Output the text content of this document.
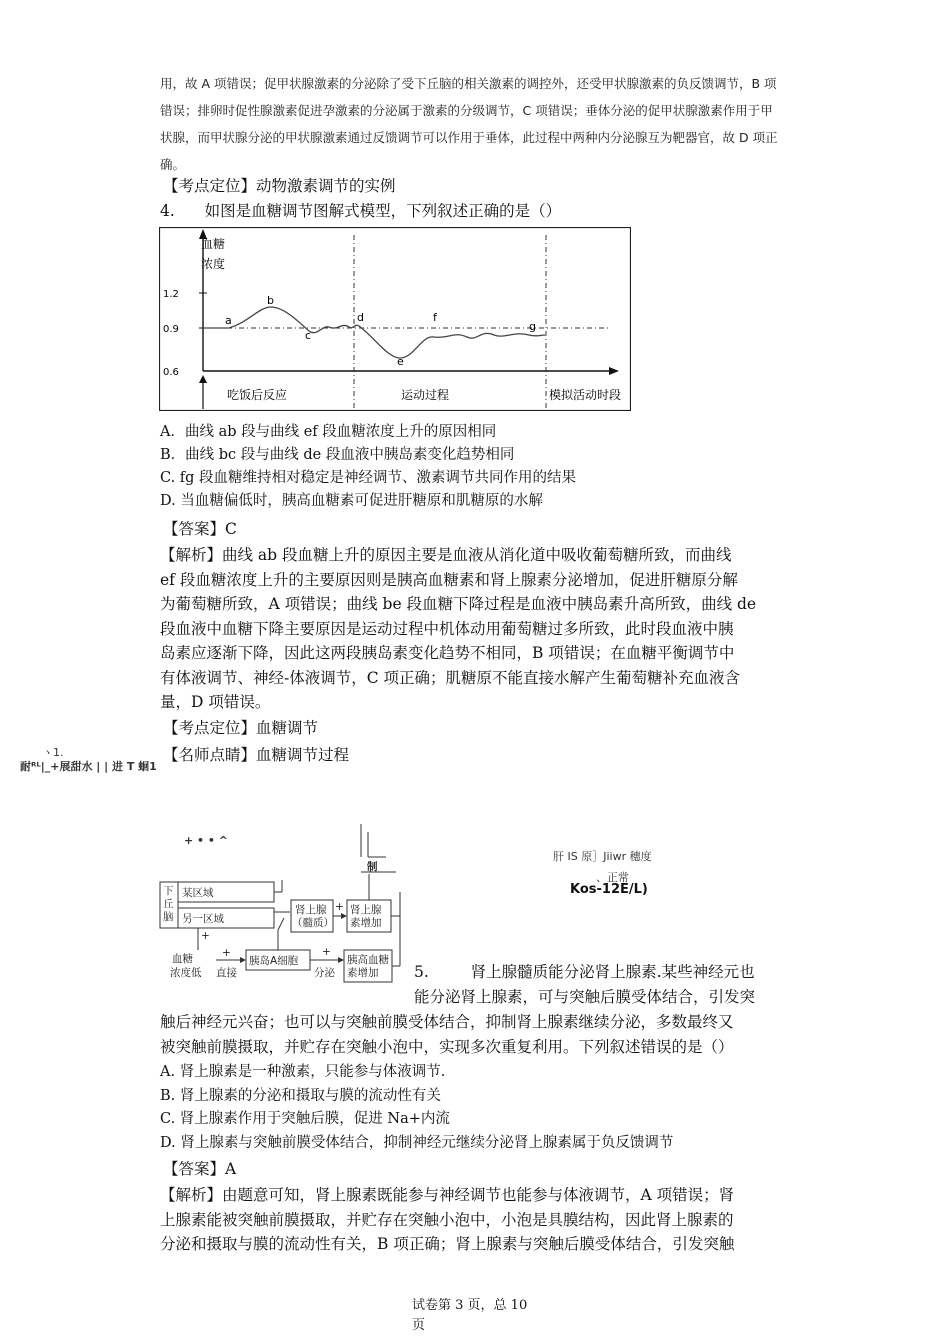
用，故 A 项错误；促甲状腺激素的分泌除了受下丘脑的相关激素的调控外，还受甲状腺激素的负反馈调节，B 项
错误；排卵时促性腺激素促进孕激素的分泌属于激素的分级调节，C 项错误；垂体分泌的促甲状腺激素作用于甲
状腺，而甲状腺分泌的甲状腺激素通过反馈调节可以作用于垂体，此过程中两种内分泌腺互为靶器官，故 D 项正
确。
【考点定位】动物激素调节的实例
4. 如图是血糖调节图解式模型，下列叙述正确的是（）
血糖
浓度
1.2
0.9
0.6
a
b
c
d
e
f
g
吃饭后反应	运动过程	模拟活动时段
A．曲线 ab 段与曲线 ef 段血糖浓度上升的原因相同
B．曲线 bc 段与曲线 de 段血液中胰岛素变化趋势相同
C. fg 段血糖维持相对稳定是神经调节、激素调节共同作用的结果
D. 当血糖偏低时，胰高血糖素可促进肝糖原和肌糖原的水解
【答案】C
【解析】曲线 ab 段血糖上升的原因主要是血液从消化道中吸收葡萄糖所致，而曲线
ef 段血糖浓度上升的主要原因则是胰高血糖素和肾上腺素分泌增加，促进肝糖原分解
为葡萄糖所致，A 项错误；曲线 be 段血糖下降过程是血液中胰岛素升高所致，曲线 de
段血液中血糖下降主要原因是运动过程中机体动用葡萄糖过多所致，此时段血液中胰
岛素应逐渐下降，因此这两段胰岛素变化趋势不相同，B 项错误；在血糖平衡调节中
有体液调节、神经-体液调节，C 项正确；肌糖原不能直接水解产生葡萄糖补充血液含
量，D 项错误。
【考点定位】血糖调节
【名师点睛】血糖调节过程
ヽ1.
耐ᴿᴸ|_+展甜水 | | 进 T 蛔1
+ • • ^
肝 IS 原］Jiiwr 穗度
、正常
Kos-12E/L)
制
下
丘
脑
某区域
另一区域
肾上腺
（髓质）
+ 肾上腺
素增加
+
血糖
浓度低
+
直接
胰岛A细胞
+
分泌
胰高血糖
素增加 5.	肾上腺髓质能分泌肾上腺素.某些神经元也
能分泌肾上腺素，可与突触后膜受体结合，引发突
触后神经元兴奋；也可以与突触前膜受体结合，抑制肾上腺素继续分泌，多数最终又
被突触前膜摄取，并贮存在突触小泡中，实现多次重复利用。下列叙述错误的是（）
A. 肾上腺素是一种激素，只能参与体液调节.
B. 肾上腺素的分泌和摄取与膜的流动性有关
C. 肾上腺素作用于突触后膜，促进 Na+内流
D. 肾上腺素与突触前膜受体结合，抑制神经元继续分泌肾上腺素属于负反馈调节
【答案】A
【解析】由题意可知，肾上腺素既能参与神经调节也能参与体液调节，A 项错误；肾
上腺素能被突触前膜摄取，并贮存在突触小泡中，小泡是具膜结构，因此肾上腺素的
分泌和摄取与膜的流动性有关，B 项正确；肾上腺素与突触后膜受体结合，引发突触
试卷第 3 页，总 10
页
